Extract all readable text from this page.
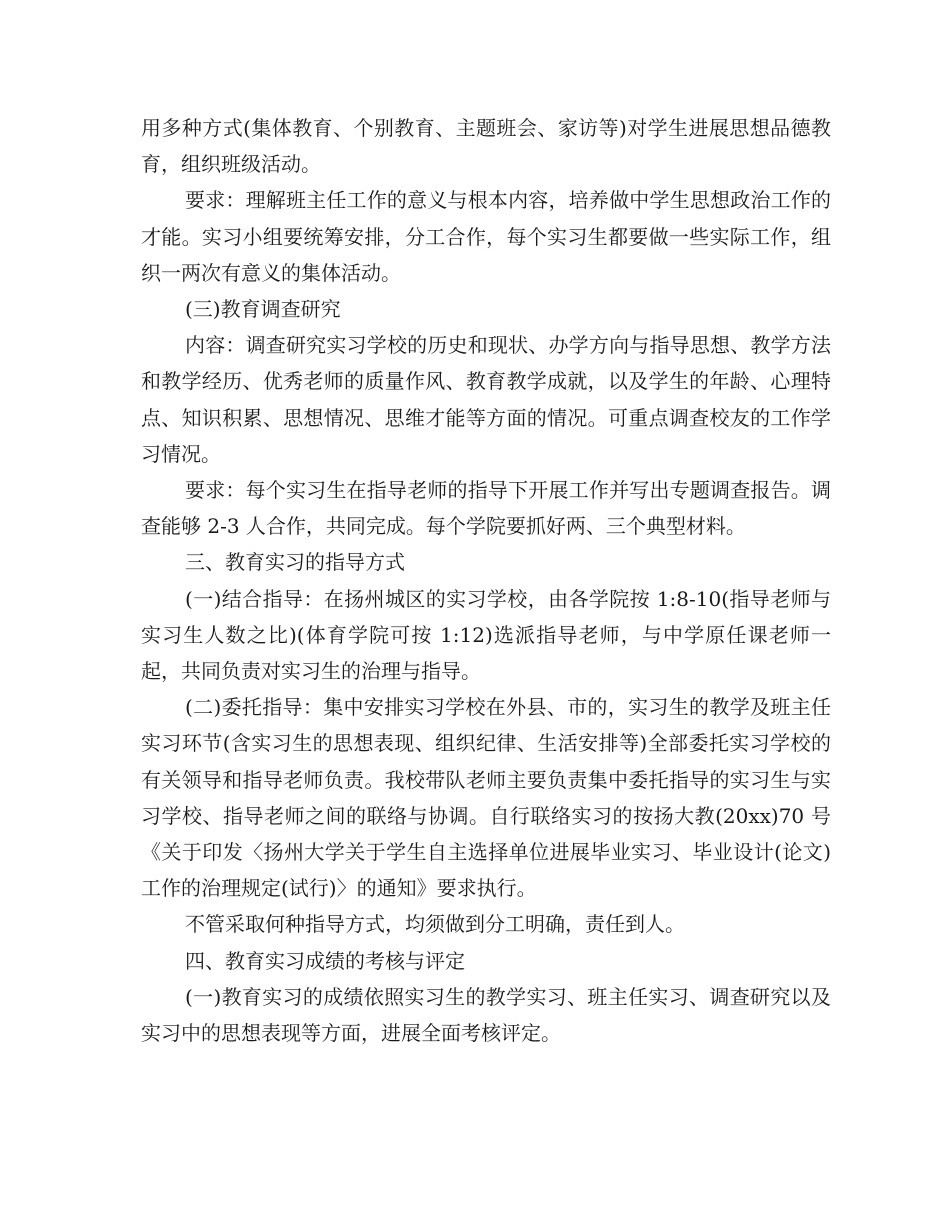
用多种方式(集体教育、个别教育、主题班会、家访等)对学生进展思想品德教育，组织班级活动。

要求：理解班主任工作的意义与根本内容，培养做中学生思想政治工作的才能。实习小组要统筹安排，分工合作，每个实习生都要做一些实际工作，组织一两次有意义的集体活动。

(三)教育调查研究

内容：调查研究实习学校的历史和现状、办学方向与指导思想、教学方法和教学经历、优秀老师的质量作风、教育教学成就，以及学生的年龄、心理特点、知识积累、思想情况、思维才能等方面的情况。可重点调查校友的工作学习情况。

要求：每个实习生在指导老师的指导下开展工作并写出专题调查报告。调查能够 2-3 人合作，共同完成。每个学院要抓好两、三个典型材料。

三、教育实习的指导方式

(一)结合指导：在扬州城区的实习学校，由各学院按 1:8-10(指导老师与实习生人数之比)(体育学院可按 1:12)选派指导老师，与中学原任课老师一起，共同负责对实习生的治理与指导。

(二)委托指导：集中安排实习学校在外县、市的，实习生的教学及班主任实习环节(含实习生的思想表现、组织纪律、生活安排等)全部委托实习学校的有关领导和指导老师负责。我校带队老师主要负责集中委托指导的实习生与实习学校、指导老师之间的联络与协调。自行联络实习的按扬大教(20xx)70 号《关于印发〈扬州大学关于学生自主选择单位进展毕业实习、毕业设计(论文)工作的治理规定(试行)〉的通知》要求执行。

不管采取何种指导方式，均须做到分工明确，责任到人。

四、教育实习成绩的考核与评定

(一)教育实习的成绩依照实习生的教学实习、班主任实习、调查研究以及实习中的思想表现等方面，进展全面考核评定。
